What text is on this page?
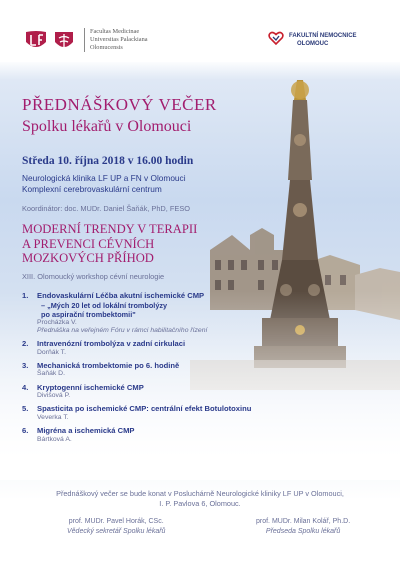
Facultas Medicinae
Universitas Palackiana
Olomucensis
FAKULTNÍ NEMOCNICE
OLOMOUC
PŘEDNÁŠKOVÝ VEČER
Spolku lékařů v Olomouci
Středa 10. října 2018 v 16.00 hodin
Neurologická klinika LF UP a FN v Olomouci
Komplexní cerebrovaskulární centrum
Koordinátor: doc. MUDr. Daniel Šaňák, PhD, FESO
MODERNÍ TRENDY V TERAPII
A PREVENCI CÉVNÍCH
MOZKOVÝCH PŘÍHOD
XIII. Olomoucký workshop cévní neurologie
1. Endovaskulární Léčba akutní ischemické CMP
– „Mých 20 let od lokální trombolýzy
po aspirační trombektomii"
Procházka V.
Přednáška na veřejném Fóru v rámci habilitačního řízení
2. Intravenózní trombolýza v zadní cirkulaci
Dorňák T.
3. Mechanická trombektomie po 6. hodině
Šaňák D.
4. Kryptogenní ischemické CMP
Divišová P.
5. Spasticita po ischemické CMP: centrální efekt Botulotoxinu
Veverka T.
6. Migréna a ischemická CMP
Bártková A.
Přednáškový večer se bude konat v Posluchárně Neurologické kliniky LF UP v Olomouci,
I. P. Pavlova 6, Olomouc.
prof. MUDr. Pavel Horák, CSc.
Vědecký sekretář Spolku lékařů
prof. MUDr. Milan Kolář, Ph.D.
Předseda Spolku lékařů
